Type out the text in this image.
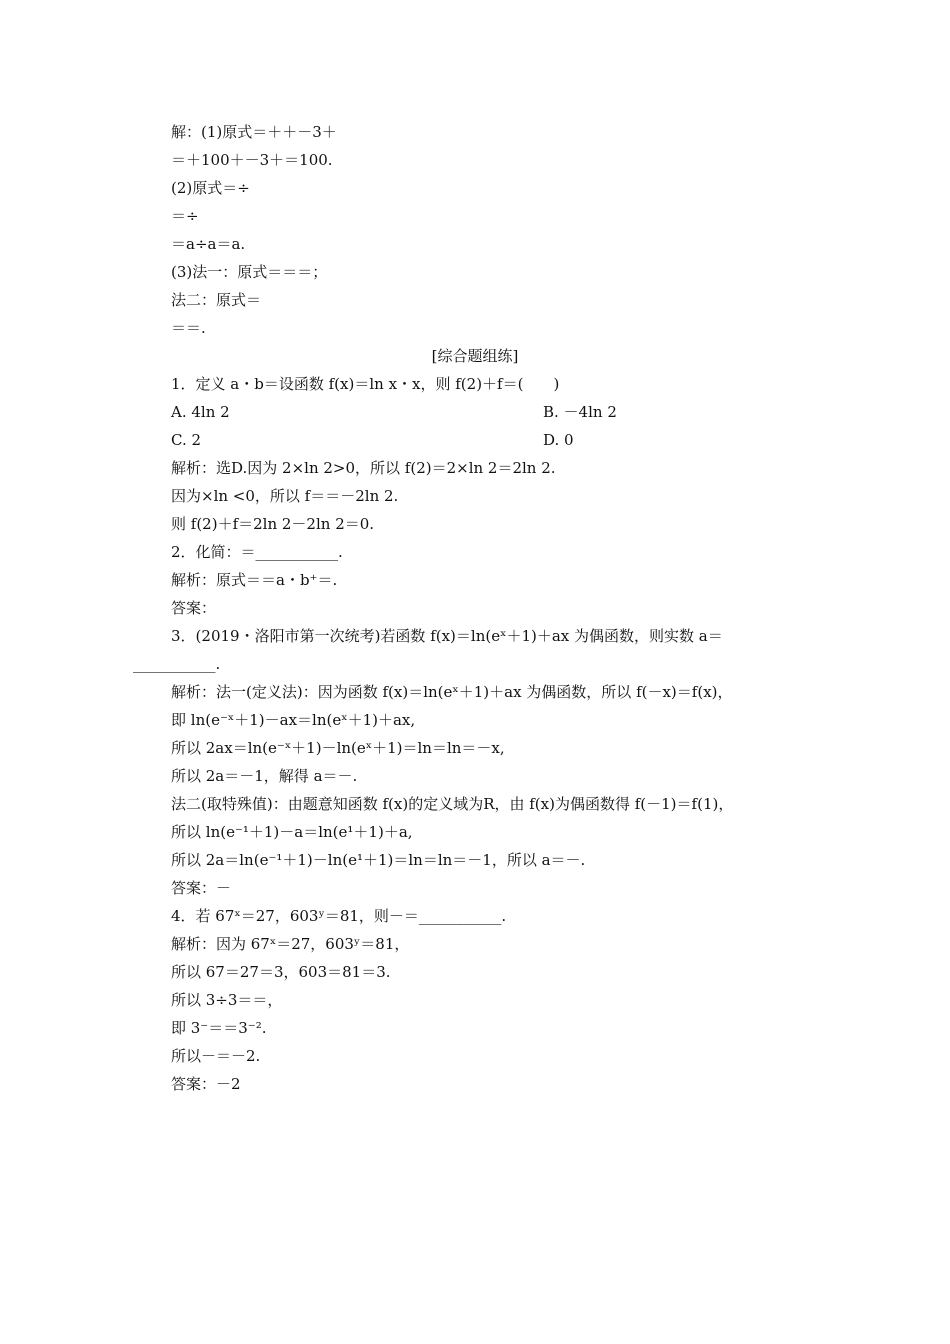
解：(1)原式＝＋＋－3＋
＝＋100＋－3＋＝100.
(2)原式＝÷
＝÷
＝a÷a＝a.
(3)法一：原式＝＝＝；
法二：原式＝
＝＝.
[综合题组练]
1．定义 a・b＝设函数 f(x)＝ln x・x，则 f(2)＋f＝(　　)
A. 4ln 2	B. －4ln 2
C. 2	D. 0
解析：选D.因为 2×ln 2>0，所以 f(2)＝2×ln 2＝2ln 2.
因为×ln <0，所以 f＝＝－2ln 2.
则 f(2)＋f＝2ln 2－2ln 2＝0.
2．化简：＝___________.
解析：原式＝＝a・b⁺＝.
答案：
3．(2019・洛阳市第一次统考)若函数 f(x)＝ln(eˣ＋1)＋ax 为偶函数，则实数 a＝
___________.
解析：法一(定义法)：因为函数 f(x)＝ln(eˣ＋1)＋ax 为偶函数，所以 f(－x)＝f(x)，
即 ln(e⁻ˣ＋1)－ax＝ln(eˣ＋1)＋ax,
所以 2ax＝ln(e⁻ˣ＋1)－ln(eˣ＋1)＝ln＝ln＝－x,
所以 2a＝－1，解得 a＝－.
法二(取特殊值)：由题意知函数 f(x)的定义域为R，由 f(x)为偶函数得 f(－1)＝f(1)，
所以 ln(e⁻¹＋1)－a＝ln(e¹＋1)＋a,
所以 2a＝ln(e⁻¹＋1)－ln(e¹＋1)＝ln＝ln＝－1，所以 a＝－.
答案：－
4．若 67ˣ＝27，603ʸ＝81，则－＝___________.
解析：因为 67ˣ＝27，603ʸ＝81，
所以 67＝27＝3，603＝81＝3.
所以 3÷3＝＝，
即 3⁻＝＝3⁻².
所以－＝－2.
答案：－2
